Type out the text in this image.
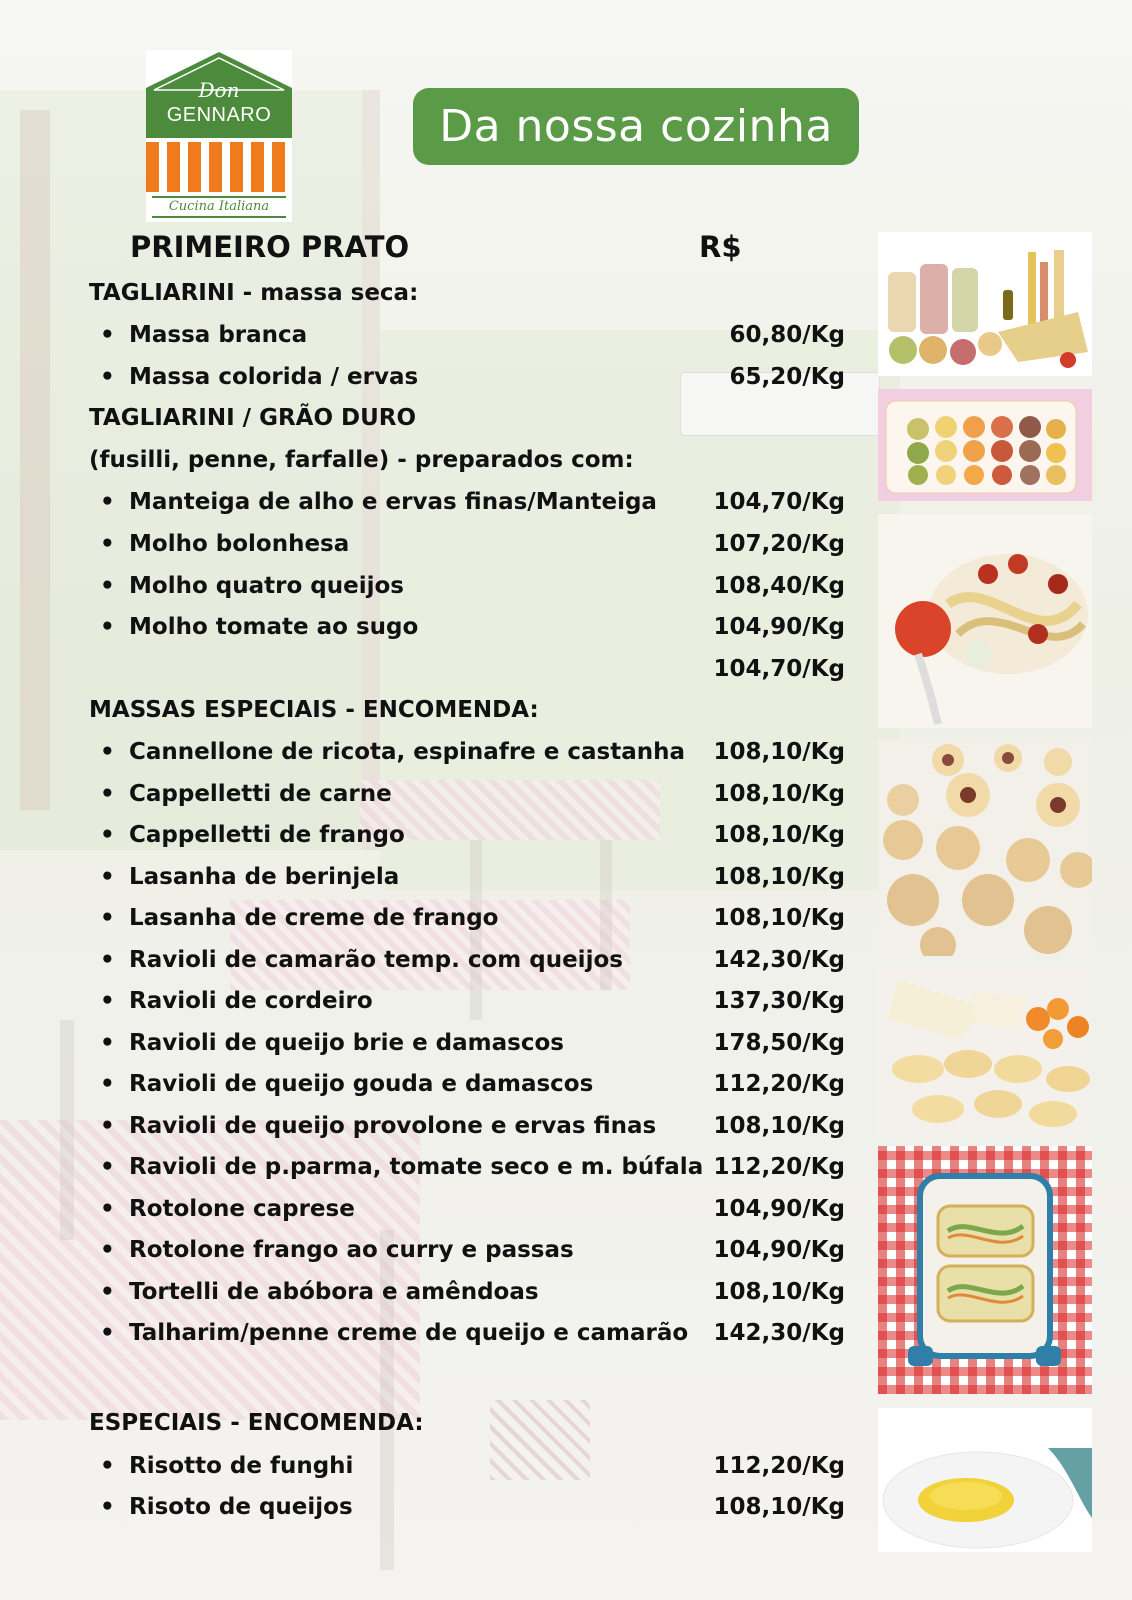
Don
GENNARO
Cucina Italiana
Da nossa cozinha
PRIMEIRO PRATO	R$
TAGLIARINI - massa seca:
• Massa branca	60,80/Kg
• Massa colorida / ervas	65,20/Kg
TAGLIARINI / GRÃO DURO
(fusilli, penne, farfalle) - preparados com:
• Manteiga de alho e ervas finas/Manteiga 104,70/Kg
• Molho bolonhesa	107,20/Kg
• Molho quatro queijos	108,40/Kg
• Molho tomate ao sugo	104,90/Kg
104,70/Kg
MASSAS ESPECIAIS - ENCOMENDA:
• Cannellone de ricota, espinafre e castanha 108,10/Kg
• Cappelletti de carne	108,10/Kg
• Cappelletti de frango	108,10/Kg
• Lasanha de berinjela	108,10/Kg
• Lasanha de creme de frango	108,10/Kg
• Ravioli de camarão temp. com queijos	142,30/Kg
• Ravioli de cordeiro	137,30/Kg
• Ravioli de queijo brie e damascos	178,50/Kg
• Ravioli de queijo gouda e damascos	112,20/Kg
• Ravioli de queijo provolone e ervas finas 108,10/Kg
• Ravioli de p.parma, tomate seco e m. búfala 112,20/Kg
• Rotolone caprese	104,90/Kg
• Rotolone frango ao curry e passas	104,90/Kg
• Tortelli de abóbora e amêndoas	108,10/Kg
• Talharim/penne creme de queijo e camarão 142,30/Kg
ESPECIAIS - ENCOMENDA:
• Risotto de funghi	112,20/Kg
• Risoto de queijos	108,10/Kg
